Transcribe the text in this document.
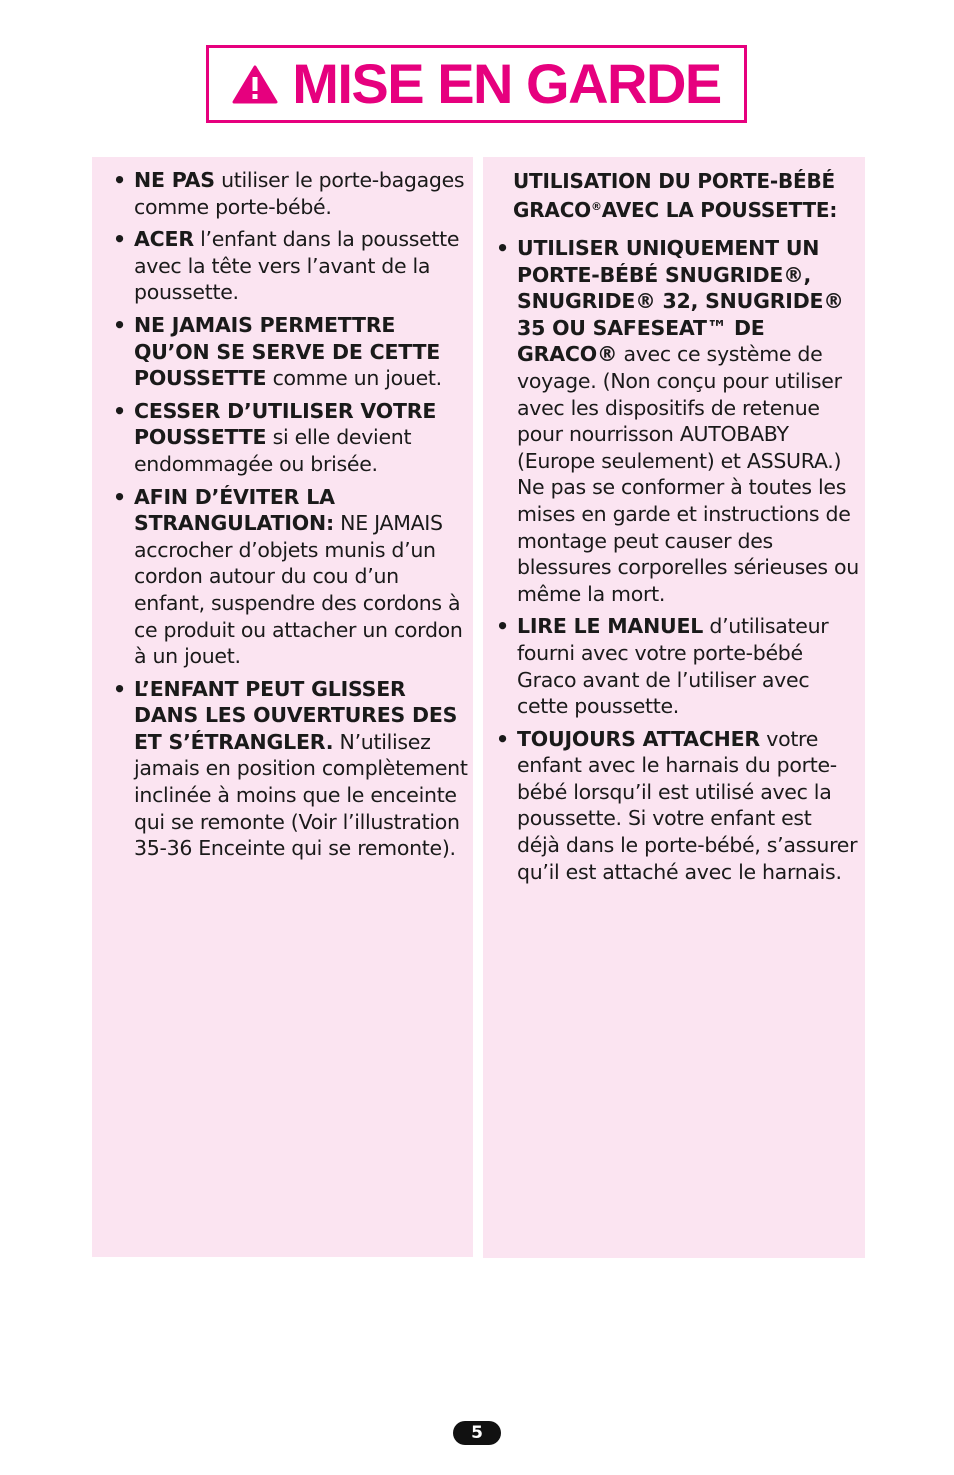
MISE EN GARDE
• NE PAS utiliser le porte-bagages comme porte-bébé.
• ACER l’enfant dans la poussette avec la tête vers l’avant de la poussette.
• NE JAMAIS PERMETTRE QU’ON SE SERVE DE CETTE POUSSETTE comme un jouet.
• CESSER D’UTILISER VOTRE POUSSETTE si elle devient endommagée ou brisée.
• AFIN D’ÉVITER LA STRANGULATION: NE JAMAIS accrocher d’objets munis d’un cordon autour du cou d’un enfant, suspendre des cordons à ce produit ou attacher un cordon à un jouet.
• L’ENFANT PEUT GLISSER DANS LES OUVERTURES DES ET S’ÉTRANGLER. N’utilisez jamais en position complètement inclinée à moins que le enceinte qui se remonte (Voir l’illustration 35-36 Enceinte qui se remonte).
UTILISATION DU PORTE-BÉBÉ GRACO®AVEC LA POUSSETTE:
• UTILISER UNIQUEMENT UN PORTE-BÉBÉ SNUGRIDE®, SNUGRIDE® 32, SNUGRIDE® 35 OU SAFESEAT™ DE GRACO® avec ce système de voyage. (Non conçu pour utiliser avec les dispositifs de retenue pour nourrisson AUTOBABY (Europe seulement) et ASSURA.) Ne pas se conformer à toutes les mises en garde et instructions de montage peut causer des blessures corporelles sérieuses ou même la mort.
• LIRE LE MANUEL d’utilisateur fourni avec votre porte-bébé Graco avant de l’utiliser avec cette poussette.
• TOUJOURS ATTACHER votre enfant avec le harnais du porte-bébé lorsqu’il est utilisé avec la poussette. Si votre enfant est déjà dans le porte-bébé, s’assurer qu’il est attaché avec le harnais.
5
